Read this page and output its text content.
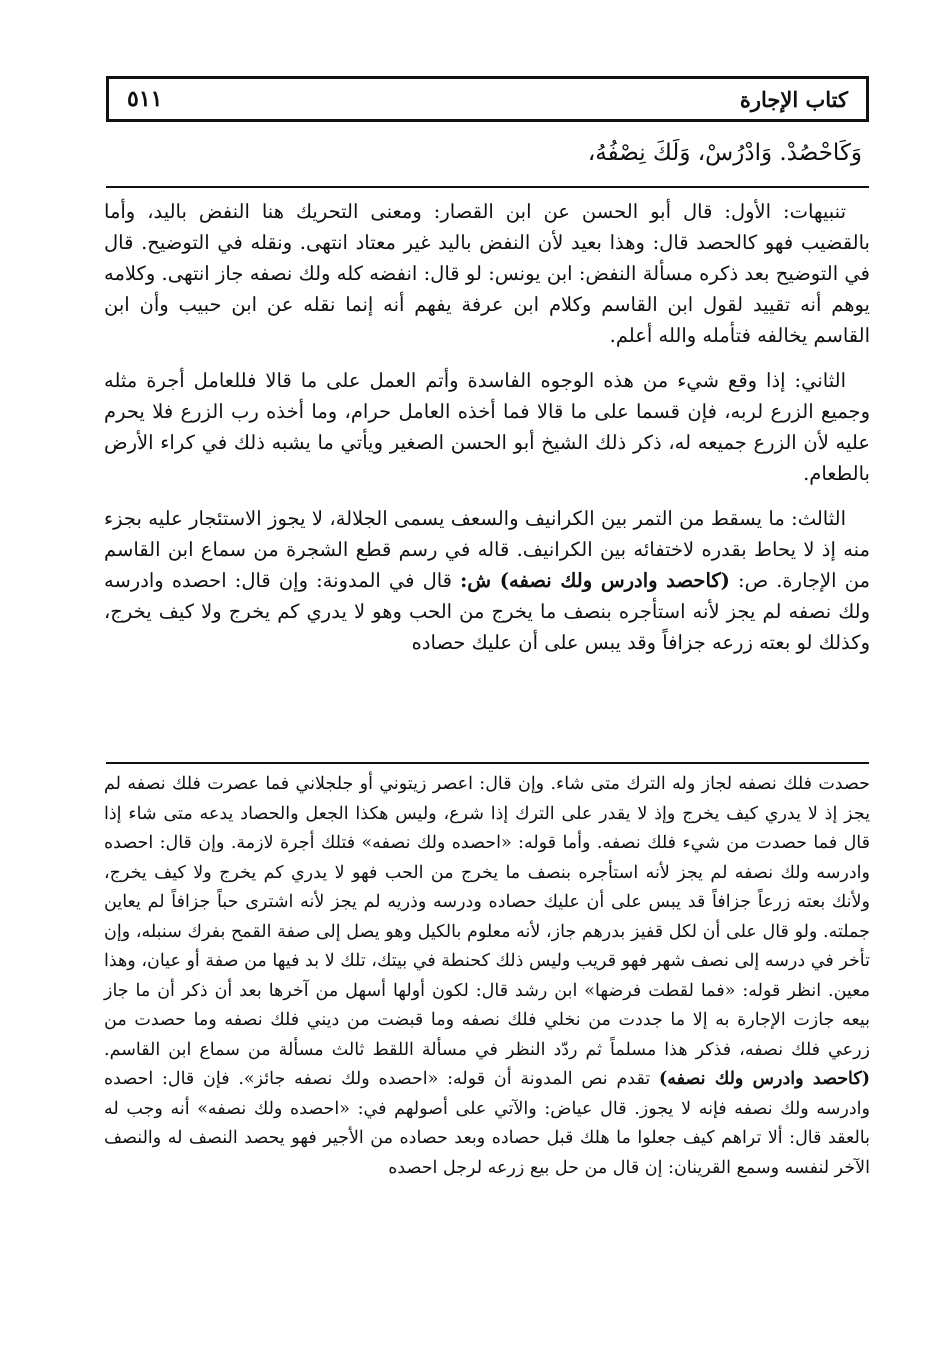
كتاب الإجارة
٥١١
وَكَاحْصُدْ. وَادْرُسْ، وَلَكَ نِصْفُهُ،

تنبيهات: الأول: قال أبو الحسن عن ابن القصار: ومعنى التحريك هنا النفض باليد، وأما بالقضيب فهو كالحصد قال: وهذا بعيد لأن النفض باليد غير معتاد انتهى. ونقله في التوضيح. قال في التوضيح بعد ذكره مسألة النفض: ابن يونس: لو قال: انفضه كله ولك نصفه جاز انتهى. وكلامه يوهم أنه تقييد لقول ابن القاسم وكلام ابن عرفة يفهم أنه إنما نقله عن ابن حبيب وأن ابن القاسم يخالفه فتأمله والله أعلم.

الثاني: إذا وقع شيء من هذه الوجوه الفاسدة وأتم العمل على ما قالا فللعامل أجرة مثله وجميع الزرع لربه، فإن قسما على ما قالا فما أخذه العامل حرام، وما أخذه رب الزرع فلا يحرم عليه لأن الزرع جميعه له، ذكر ذلك الشيخ أبو الحسن الصغير ويأتي ما يشبه ذلك في كراء الأرض بالطعام.

الثالث: ما يسقط من التمر بين الكرانيف والسعف يسمى الجلالة، لا يجوز الاستئجار عليه بجزء منه إذ لا يحاط بقدره لاختفائه بين الكرانيف. قاله في رسم قطع الشجرة من سماع ابن القاسم من الإجارة. ص: (كاحصد وادرس ولك نصفه) ش: قال في المدونة: وإن قال: احصده وادرسه ولك نصفه لم يجز لأنه استأجره بنصف ما يخرج من الحب وهو لا يدري كم يخرج ولا كيف يخرج، وكذلك لو بعته زرعه جزافاً وقد يبس على أن عليك حصاده

حصدت فلك نصفه لجاز وله الترك متى شاء. وإن قال: اعصر زيتوني أو جلجلاني فما عصرت فلك نصفه لم يجز إذ لا يدري كيف يخرج وإذ لا يقدر على الترك إذا شرع، وليس هكذا الجعل والحصاد يدعه متى شاء إذا قال فما حصدت من شيء فلك نصفه. وأما قوله: «احصده ولك نصفه» فتلك أجرة لازمة. وإن قال: احصده وادرسه ولك نصفه لم يجز لأنه استأجره بنصف ما يخرج من الحب فهو لا يدري كم يخرج ولا كيف يخرج، ولأنك بعته زرعاً جزافاً قد يبس على أن عليك حصاده ودرسه وذريه لم يجز لأنه اشترى حباً جزافاً لم يعاين جملته. ولو قال على أن لكل قفيز بدرهم جاز، لأنه معلوم بالكيل وهو يصل إلى صفة القمح بفرك سنبله، وإن تأخر في درسه إلى نصف شهر فهو قريب وليس ذلك كحنطة في بيتك، تلك لا بد فيها من صفة أو عيان، وهذا معين. انظر قوله: «فما لقطت فرضها» ابن رشد قال: لكون أولها أسهل من آخرها بعد أن ذكر أن ما جاز بيعه جازت الإجارة به إلا ما جددت من نخلي فلك نصفه وما قبضت من ديني فلك نصفه وما حصدت من زرعي فلك نصفه، فذكر هذا مسلماً ثم ردّد النظر في مسألة اللقط ثالث مسألة من سماع ابن القاسم. (كاحصد وادرس ولك نصفه) تقدم نص المدونة أن قوله: «احصده ولك نصفه جائز». فإن قال: احصده وادرسه ولك نصفه فإنه لا يجوز. قال عياض: والآتي على أصولهم في: «احصده ولك نصفه» أنه وجب له بالعقد قال: ألا تراهم كيف جعلوا ما هلك قبل حصاده وبعد حصاده من الأجير فهو يحصد النصف له والنصف الآخر لنفسه وسمع القرينان: إن قال من حل بيع زرعه لرجل احصده
